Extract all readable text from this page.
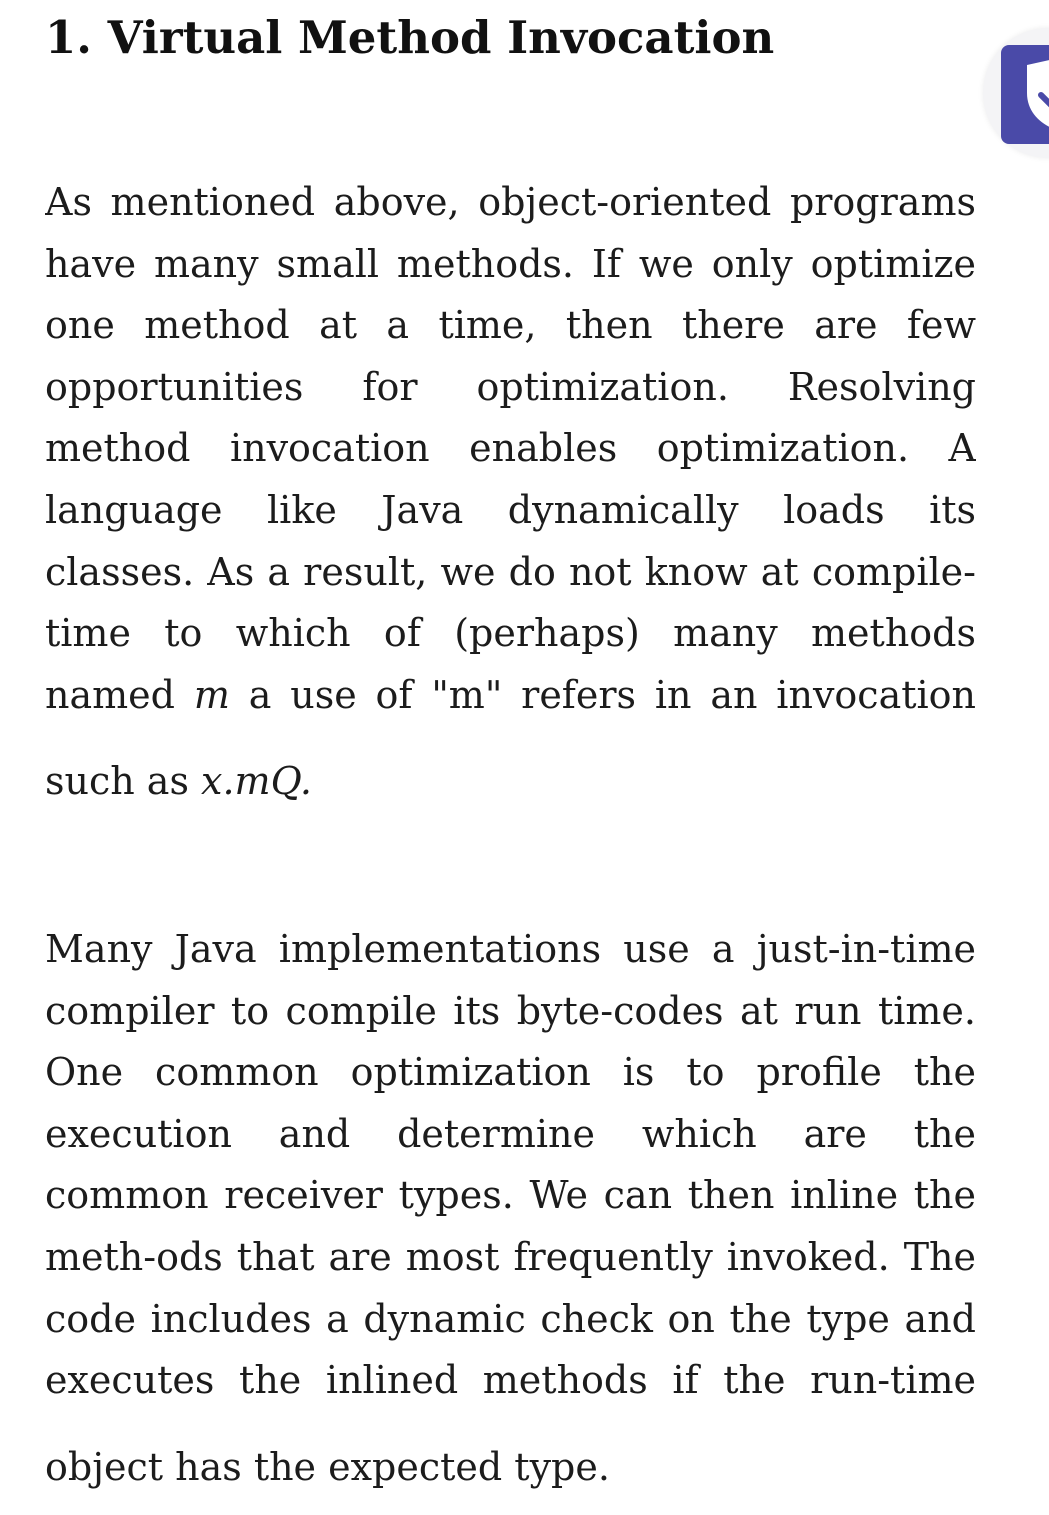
1. Virtual Method Invocation
As mentioned above, object-oriented programs
have many small methods. If we only optimize
one method at a time, then there are few
opportunities for optimization. Resolving
method invocation enables optimization. A
language like Java dynamically loads its
classes. As a result, we do not know at compile-
time to which of (perhaps) many methods
named m a use of "m" refers in an invocation
such as x.mQ.
Many Java implementations use a just-in-time
compiler to compile its byte-codes at run time.
One common optimization is to profile the
execution and determine which are the
common receiver types. We can then inline the
meth-ods that are most frequently invoked. The
code includes a dynamic check on the type and
executes the inlined methods if the run-time
object has the expected type.
